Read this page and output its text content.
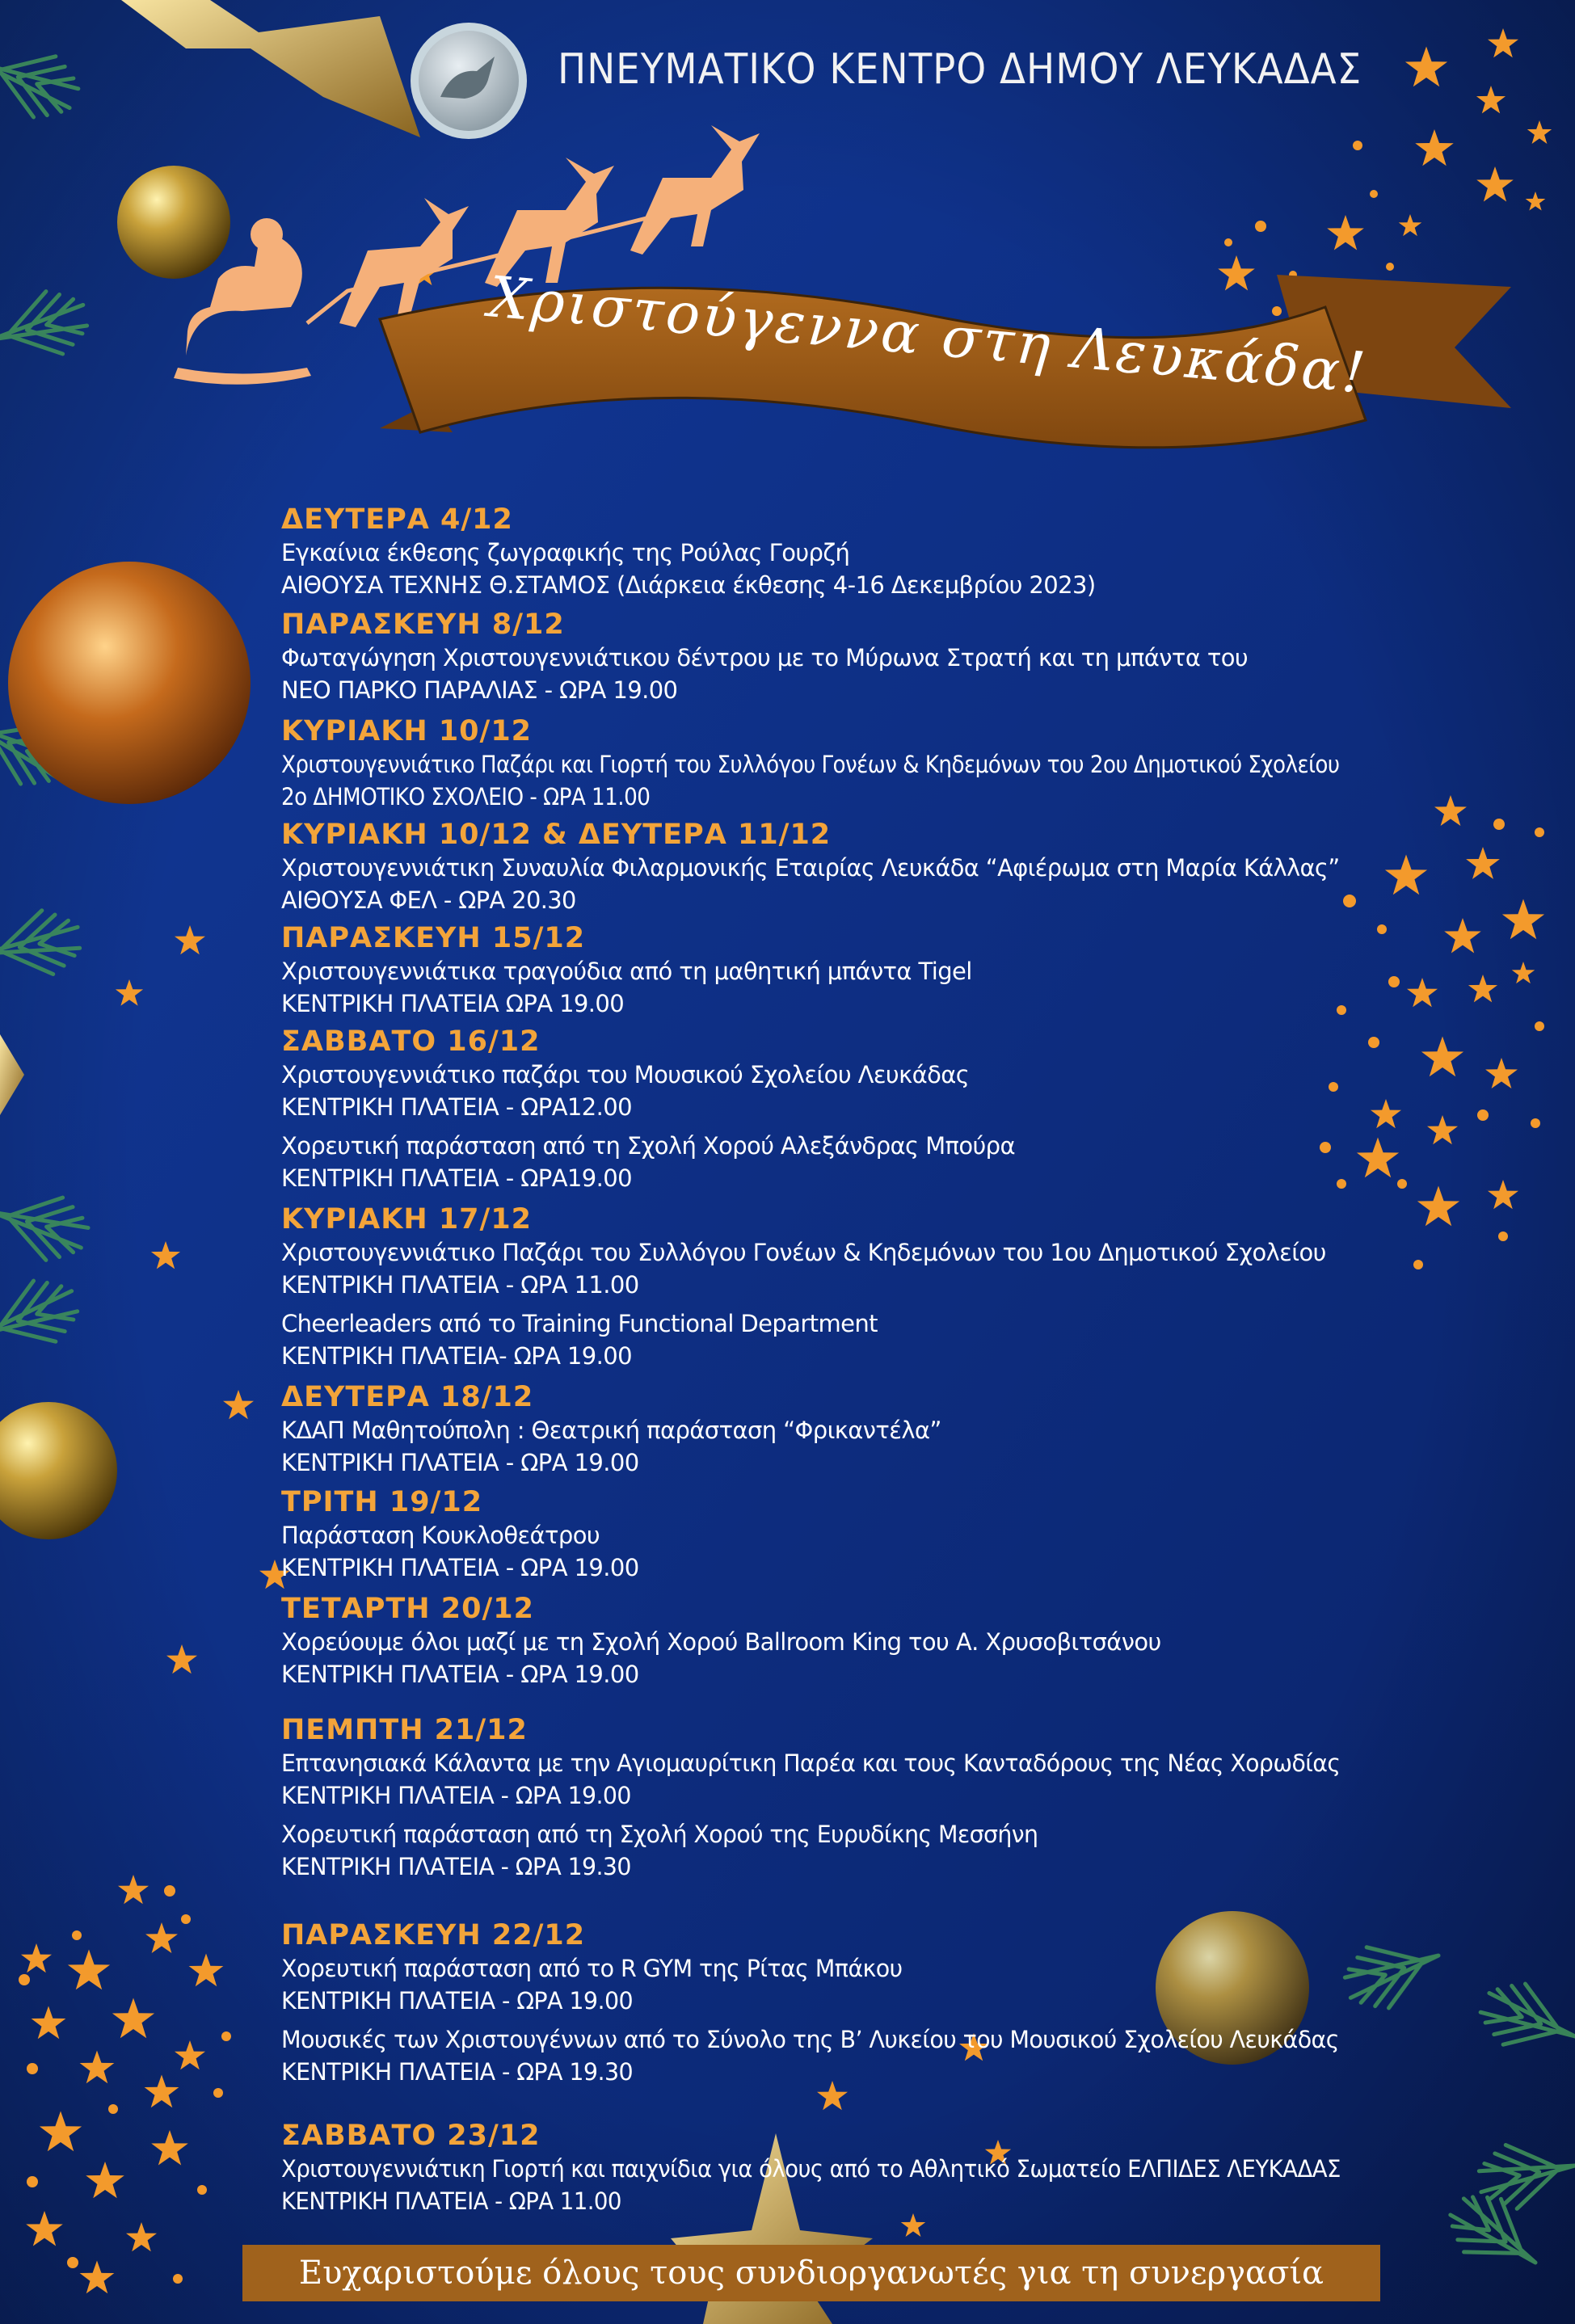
ΠΝΕΥΜΑΤΙΚΟ ΚΕΝΤΡΟ ΔΗΜΟΥ ΛΕΥΚΑΔΑΣ
Χριστούγεννα στη Λευκάδα!
ΔΕΥΤΕΡΑ 4/12
Εγκαίνια έκθεσης ζωγραφικής της Ρούλας Γουρζή
ΑΙΘΟΥΣΑ ΤΕΧΝΗΣ Θ.ΣΤΑΜΟΣ (Διάρκεια έκθεσης 4-16 Δεκεμβρίου 2023)
ΠΑΡΑΣΚΕΥΗ 8/12
Φωταγώγηση Χριστουγεννιάτικου δέντρου με το Μύρωνα Στρατή και τη μπάντα του
ΝΕΟ ΠΑΡΚΟ ΠΑΡΑΛΙΑΣ - ΩΡΑ 19.00
ΚΥΡΙΑΚΗ 10/12
Χριστουγεννιάτικο Παζάρι και Γιορτή του Συλλόγου Γονέων & Κηδεμόνων του 2ου Δημοτικού Σχολείου
2ο ΔΗΜΟΤΙΚΟ ΣΧΟΛΕΙΟ - ΩΡΑ 11.00
ΚΥΡΙΑΚΗ 10/12 & ΔΕΥΤΕΡΑ 11/12
Χριστουγεννιάτικη Συναυλία Φιλαρμονικής Εταιρίας Λευκάδα “Αφιέρωμα στη Μαρία Κάλλας”
ΑΙΘΟΥΣΑ ΦΕΛ - ΩΡΑ 20.30
ΠΑΡΑΣΚΕΥΗ 15/12
Χριστουγεννιάτικα τραγούδια από τη μαθητική μπάντα Tigel
ΚΕΝΤΡΙΚΗ ΠΛΑΤΕΙΑ ΩΡΑ 19.00
ΣΑΒΒΑΤΟ 16/12
Χριστουγεννιάτικο παζάρι του Μουσικού Σχολείου Λευκάδας
ΚΕΝΤΡΙΚΗ ΠΛΑΤΕΙΑ - ΩΡΑ12.00
Χορευτική παράσταση από τη Σχολή Χορού Αλεξάνδρας Μπούρα
ΚΕΝΤΡΙΚΗ ΠΛΑΤΕΙΑ - ΩΡΑ19.00
ΚΥΡΙΑΚΗ 17/12
Χριστουγεννιάτικο Παζάρι του Συλλόγου Γονέων & Κηδεμόνων του 1ου Δημοτικού Σχολείου
ΚΕΝΤΡΙΚΗ ΠΛΑΤΕΙΑ - ΩΡΑ 11.00
Cheerleaders από το Training Functional Department
ΚΕΝΤΡΙΚΗ ΠΛΑΤΕΙΑ- ΩΡΑ 19.00
ΔΕΥΤΕΡΑ 18/12
ΚΔΑΠ Μαθητούπολη : Θεατρική παράσταση “Φρικαντέλα”
ΚΕΝΤΡΙΚΗ ΠΛΑΤΕΙΑ - ΩΡΑ 19.00
ΤΡΙΤΗ 19/12
Παράσταση Κουκλοθεάτρου
ΚΕΝΤΡΙΚΗ ΠΛΑΤΕΙΑ - ΩΡΑ 19.00
ΤΕΤΑΡΤΗ 20/12
Χορεύουμε όλοι μαζί με τη Σχολή Χορού Ballroom King του Α. Χρυσοβιτσάνου
ΚΕΝΤΡΙΚΗ ΠΛΑΤΕΙΑ - ΩΡΑ 19.00
ΠΕΜΠΤΗ 21/12
Επτανησιακά Κάλαντα με την Αγιομαυρίτικη Παρέα και τους Κανταδόρους της Νέας Χορωδίας
ΚΕΝΤΡΙΚΗ ΠΛΑΤΕΙΑ - ΩΡΑ 19.00
Χορευτική παράσταση από τη Σχολή Χορού της Ευρυδίκης Μεσσήνη
ΚΕΝΤΡΙΚΗ ΠΛΑΤΕΙΑ - ΩΡΑ 19.30
ΠΑΡΑΣΚΕΥΗ 22/12
Χορευτική παράσταση από το R GYM της Ρίτας Μπάκου
ΚΕΝΤΡΙΚΗ ΠΛΑΤΕΙΑ - ΩΡΑ 19.00
Μουσικές των Χριστουγέννων από το Σύνολο της Β’ Λυκείου του Μουσικού Σχολείου Λευκάδας
ΚΕΝΤΡΙΚΗ ΠΛΑΤΕΙΑ - ΩΡΑ 19.30
ΣΑΒΒΑΤΟ 23/12
Χριστουγεννιάτικη Γιορτή και παιχνίδια για όλους από το Αθλητικό Σωματείο ΕΛΠΙΔΕΣ ΛΕΥΚΑΔΑΣ
ΚΕΝΤΡΙΚΗ ΠΛΑΤΕΙΑ - ΩΡΑ 11.00
Ευχαριστούμε όλους τους συνδιοργανωτές για τη συνεργασία
